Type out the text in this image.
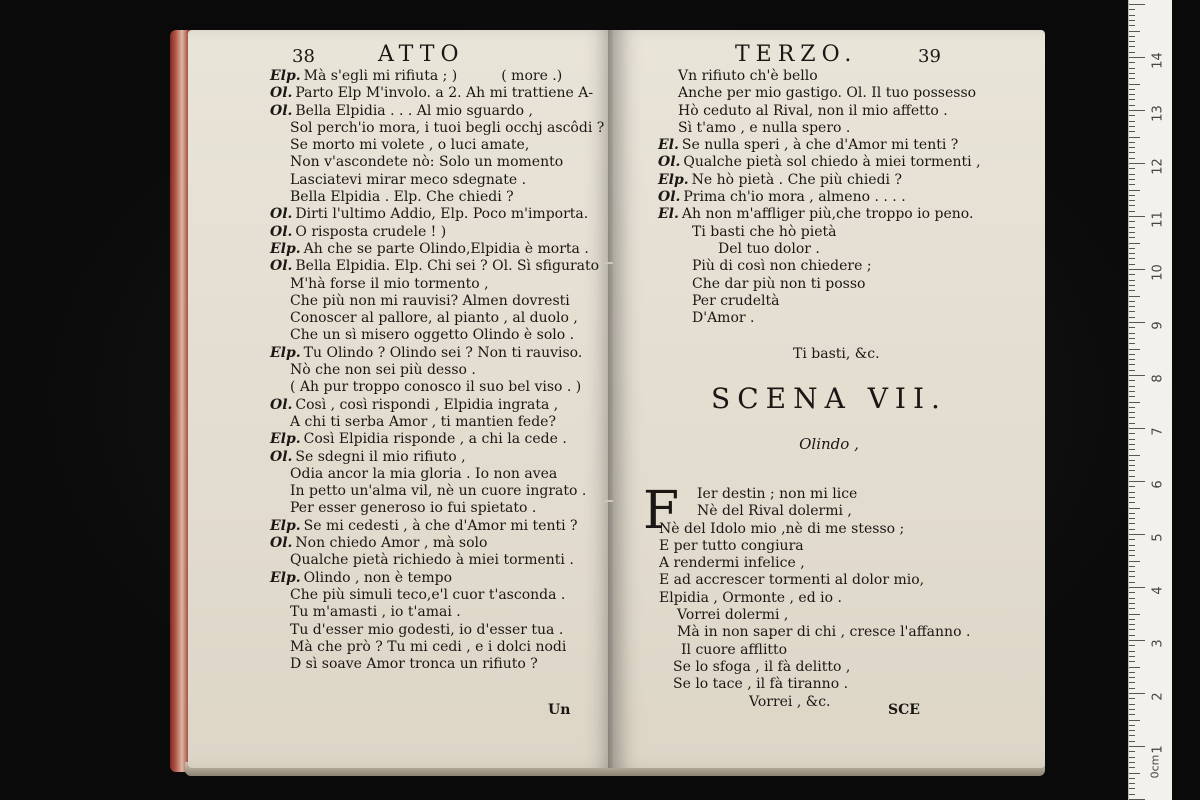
38	ATTO
Elp. Mà s'egli mi rifiuta ; )	( more .)
Ol. Parto Elp M'involo. a 2. Ah mi trattiene A-
Ol. Bella Elpidia . . . Al mio sguardo ,
Sol perch'io mora, i tuoi begli occhj ascôdi ?
Se morto mi volete , o luci amate,
Non v'ascondete nò: Solo un momento
Lasciatevi mirar meco sdegnate .
Bella Elpidia . Elp. Che chiedi ?
Ol. Dirti l'ultimo Addio, Elp. Poco m'importa.
Ol. O risposta crudele ! )
Elp. Ah che se parte Olindo,Elpidia è morta .
Ol. Bella Elpidia. Elp. Chi sei ? Ol. Sì sfigurato
M'hà forse il mio tormento ,
Che più non mi rauvisi? Almen dovresti
Conoscer al pallore, al pianto , al duolo ,
Che un sì misero oggetto Olindo è solo .
Elp. Tu Olindo ? Olindo sei ? Non ti rauviso.
Nò che non sei più desso .
( Ah pur troppo conosco il suo bel viso . )
Ol. Così , così rispondi , Elpidia ingrata ,
A chi ti serba Amor , ti mantien fede?
Elp. Così Elpidia risponde , a chi la cede .
Ol. Se sdegni il mio rifiuto ,
Odia ancor la mia gloria . Io non avea
In petto un'alma vil, nè un cuore ingrato .
Per esser generoso io fui spietato .
Elp. Se mi cedesti , à che d'Amor mi tenti ?
Ol. Non chiedo Amor , mà solo
Qualche pietà richiedo à miei tormenti .
Elp. Olindo , non è tempo
Che più simuli teco,e'l cuor t'asconda .
Tu m'amasti , io t'amai .
Tu d'esser mio godesti, io d'esser tua .
Mà che prò ? Tu mi cedi , e i dolci nodi
D sì soave Amor tronca un rifiuto ?
Un
TERZO.	39
Vn rifiuto ch'è bello
Anche per mio gastigo. Ol. Il tuo possesso
Hò ceduto al Rival, non il mio affetto .
Sì t'amo , e nulla spero .
El. Se nulla speri , à che d'Amor mi tenti ?
Ol. Qualche pietà sol chiedo à miei tormenti ,
Elp. Ne hò pietà . Che più chiedi ?
Ol. Prima ch'io mora , almeno . . . .
El. Ah non m'affliger più,che troppo io peno.
Ti basti che hò pietà
Del tuo dolor .
Più di così non chiedere ;
Che dar più non ti posso
Per crudeltà
D'Amor .
Ti basti, &c.
SCENA VII.
Olindo ,
F	Ier destin ; non mi lice
Nè del Rival dolermi ,
Nè del Idolo mio ,nè di me stesso ;
E per tutto congiura
A rendermi infelice ,
E ad accrescer tormenti al dolor mio,
Elpidia , Ormonte , ed io .
Vorrei dolermi ,
Mà in non saper di chi , cresce l'affanno .
Il cuore afflitto
Se lo sfoga , il fà delitto ,
Se lo tace , il fà tiranno .
Vorrei , &c.
SCE
0cm
1
2
3
4
5
6
7
8
9
10
11
12
13
14
